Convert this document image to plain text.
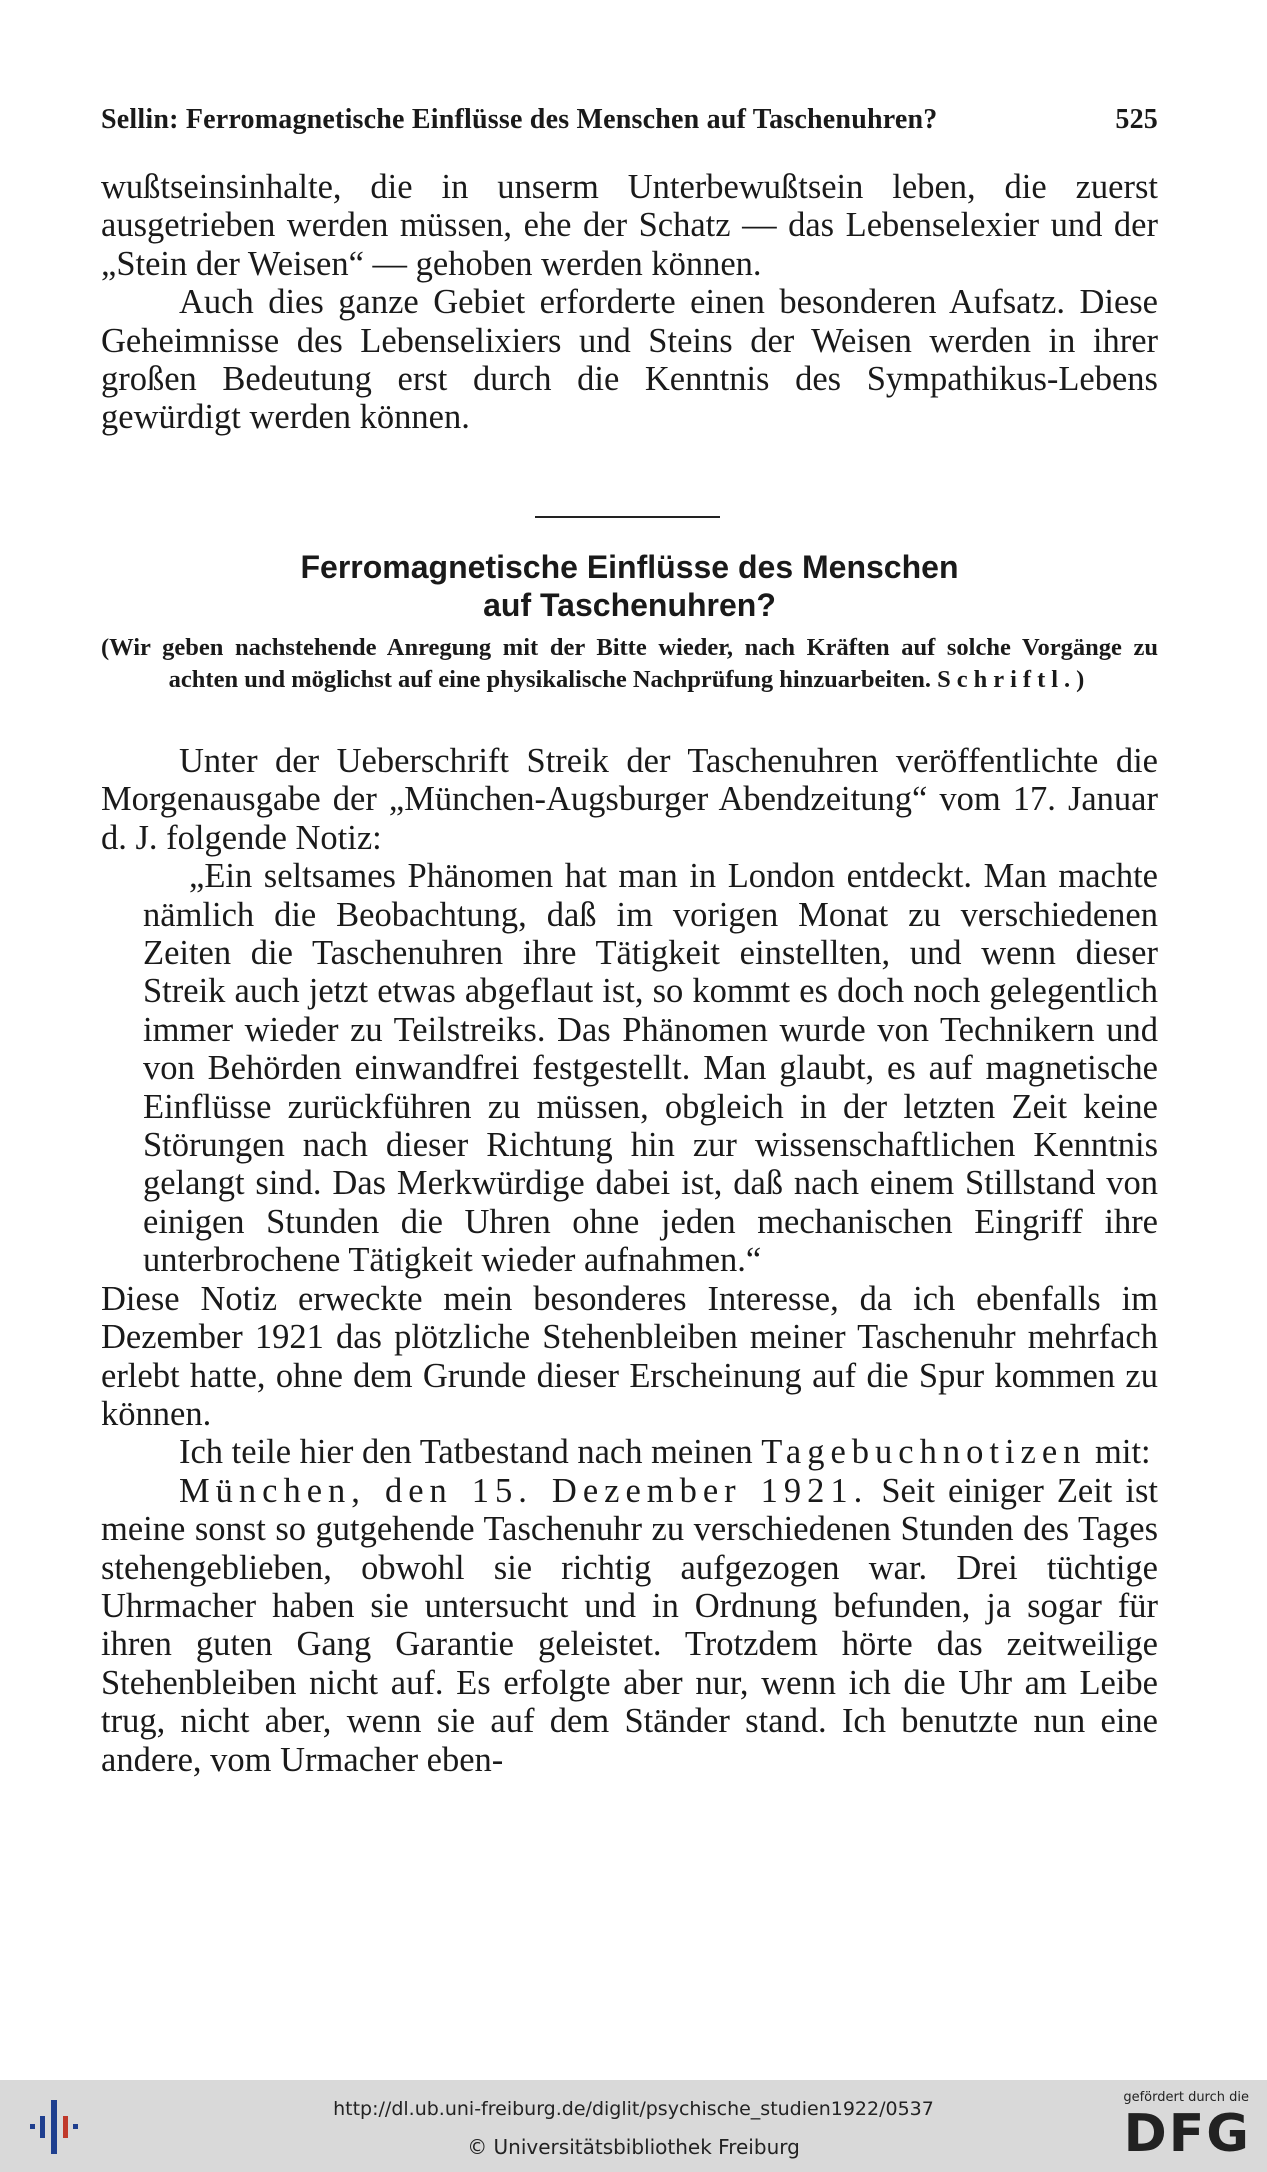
Sellin: Ferromagnetische Einflüsse des Menschen auf Taschenuhren?	525

wußtseinsinhalte, die in unserm Unterbewußtsein leben, die zuerst ausgetrieben werden müssen, ehe der Schatz — das Lebenselexier und der „Stein der Weisen“ — gehoben werden können.

Auch dies ganze Gebiet erforderte einen besonderen Aufsatz. Diese Geheimnisse des Lebenselixiers und Steins der Weisen werden in ihrer großen Bedeutung erst durch die Kenntnis des Sympathikus-Lebens gewürdigt werden können.

Ferromagnetische Einflüsse des Menschen
auf Taschenuhren?
(Wir geben nachstehende Anregung mit der Bitte wieder, nach Kräften auf solche Vorgänge zu achten und möglichst auf eine physikalische Nachprüfung hinzuarbeiten. Schriftl.)

Unter der Ueberschrift Streik der Taschenuhren veröffentlichte die Morgenausgabe der „München-Augsburger Abendzeitung“ vom 17. Januar d. J. folgende Notiz:

„Ein seltsames Phänomen hat man in London entdeckt. Man machte nämlich die Beobachtung, daß im vorigen Monat zu verschiedenen Zeiten die Taschenuhren ihre Tätigkeit einstellten, und wenn dieser Streik auch jetzt etwas abgeflaut ist, so kommt es doch noch gelegentlich immer wieder zu Teilstreiks. Das Phänomen wurde von Technikern und von Behörden einwandfrei festgestellt. Man glaubt, es auf magnetische Einflüsse zurückführen zu müssen, obgleich in der letzten Zeit keine Störungen nach dieser Richtung hin zur wissenschaftlichen Kenntnis gelangt sind. Das Merkwürdige dabei ist, daß nach einem Stillstand von einigen Stunden die Uhren ohne jeden mechanischen Eingriff ihre unterbrochene Tätigkeit wieder aufnahmen.“

Diese Notiz erweckte mein besonderes Interesse, da ich ebenfalls im Dezember 1921 das plötzliche Stehenbleiben meiner Taschenuhr mehrfach erlebt hatte, ohne dem Grunde dieser Erscheinung auf die Spur kommen zu können.

Ich teile hier den Tatbestand nach meinen Tagebuchnotizen mit:

München, den 15. Dezember 1921. Seit einiger Zeit ist meine sonst so gutgehende Taschenuhr zu verschiedenen Stunden des Tages stehengeblieben, obwohl sie richtig aufgezogen war. Drei tüchtige Uhrmacher haben sie untersucht und in Ordnung befunden, ja sogar für ihren guten Gang Garantie geleistet. Trotzdem hörte das zeitweilige Stehenbleiben nicht auf. Es erfolgte aber nur, wenn ich die Uhr am Leibe trug, nicht aber, wenn sie auf dem Ständer stand. Ich benutzte nun eine andere, vom Urmacher eben-

http://dl.ub.uni-freiburg.de/diglit/psychische_studien1922/0537
© Universitätsbibliothek Freiburg
gefördert durch die
DFG
